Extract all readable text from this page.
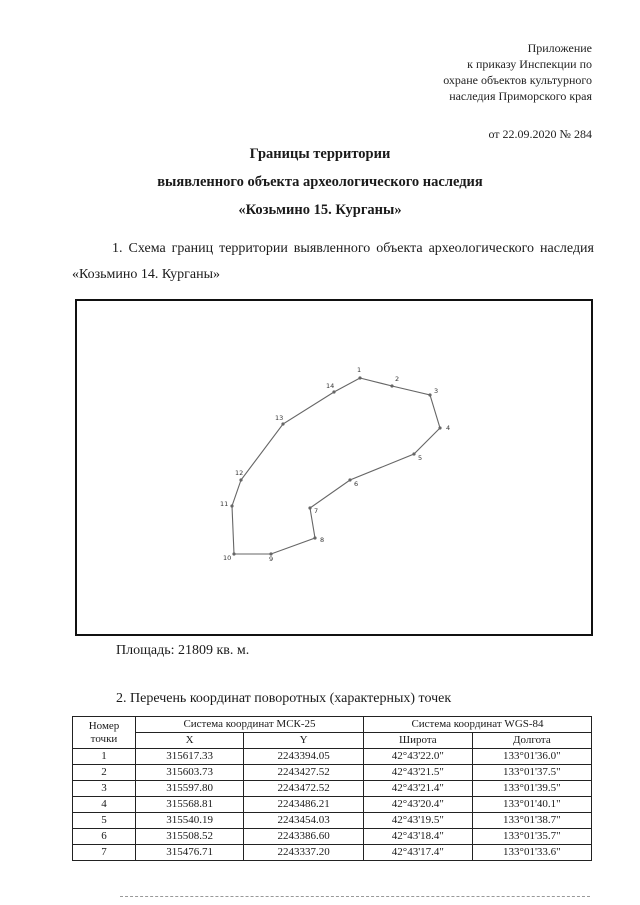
Приложение
к приказу Инспекции по
охране объектов культурного
наследия Приморского края
от 22.09.2020 № 284
Границы территории
выявленного объекта археологического наследия
«Козьмино 15. Курганы»
1. Схема границ территории выявленного объекта археологического наследия «Козьмино 14. Курганы»
1
2
3
4
5
6
7
8
9
10
11
12
13
14
Площадь: 21809 кв. м.
2. Перечень координат поворотных (характерных) точек
Номер
точки	Система координат МСК-25		Система координат WGS-84	
	X	Y	Широта	Долгота
1	315617.33	2243394.05	42°43'22.0"	133°01'36.0"
2	315603.73	2243427.52	42°43'21.5"	133°01'37.5"
3	315597.80	2243472.52	42°43'21.4"	133°01'39.5"
4	315568.81	2243486.21	42°43'20.4"	133°01'40.1"
5	315540.19	2243454.03	42°43'19.5"	133°01'38.7"
6	315508.52	2243386.60	42°43'18.4"	133°01'35.7"
7	315476.71	2243337.20	42°43'17.4"	133°01'33.6"
